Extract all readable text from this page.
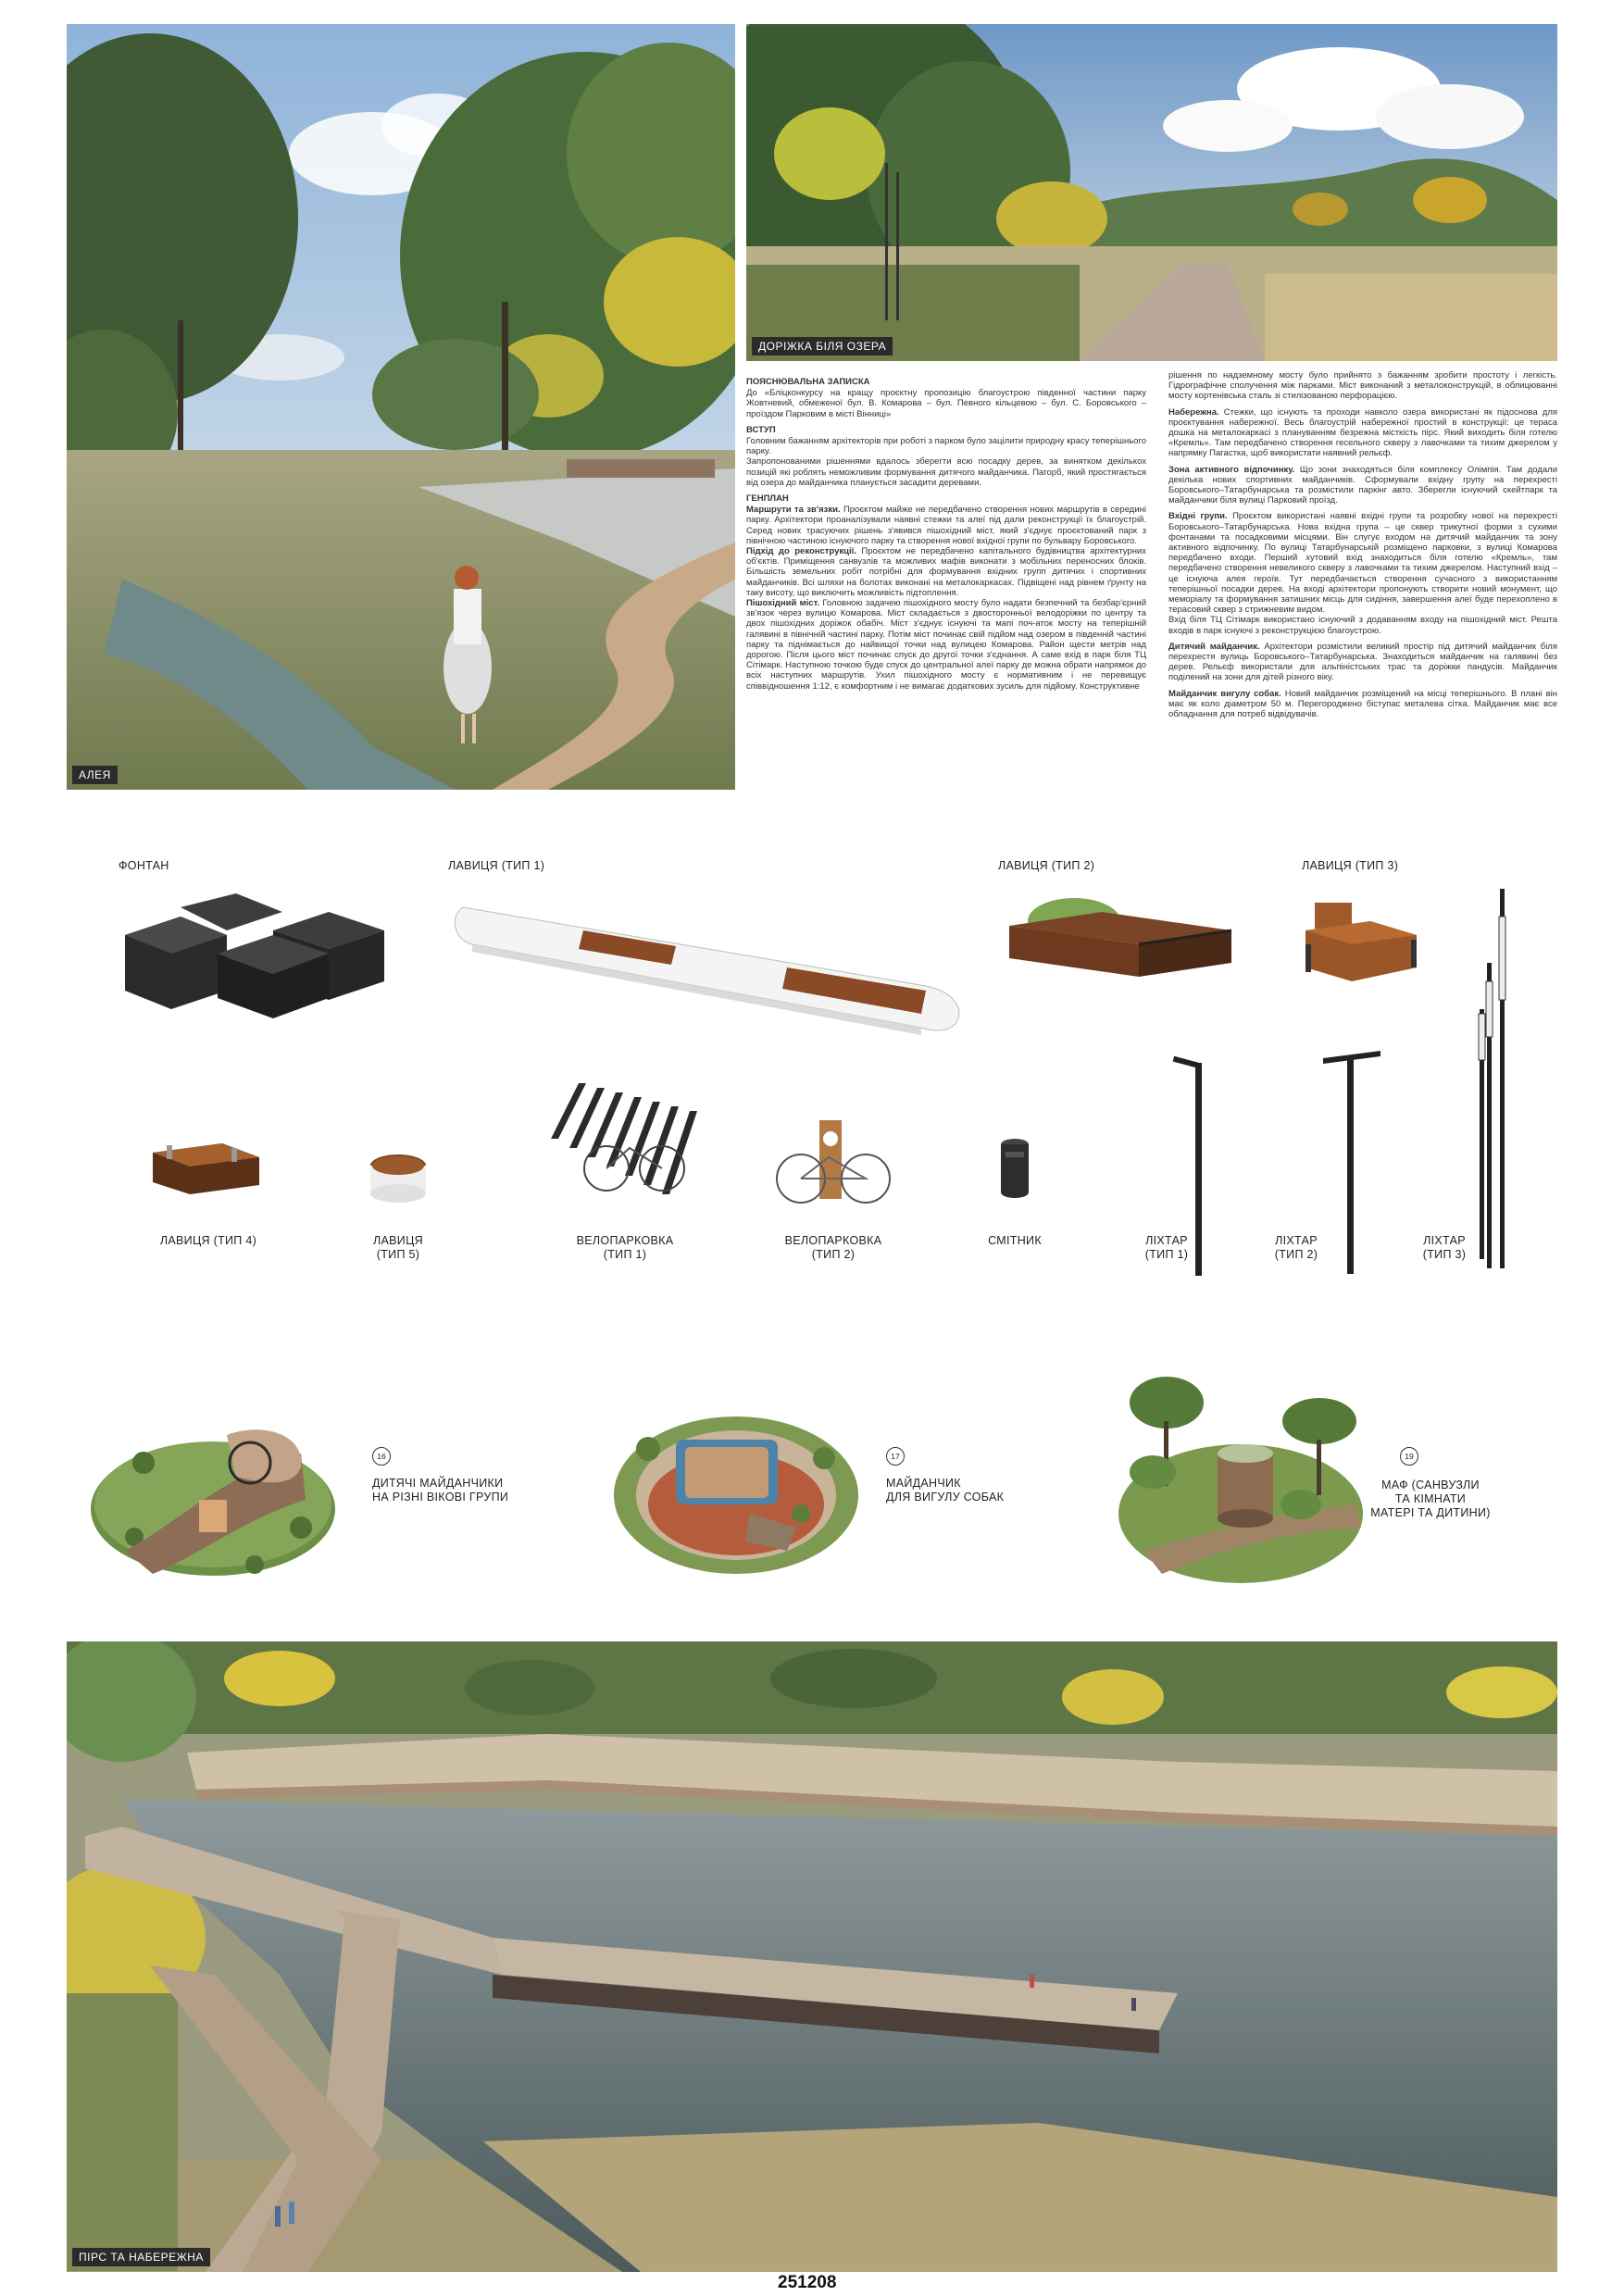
АЛЕЯ
ДОРІЖКА БІЛЯ ОЗЕРА

ПОЯСНЮВАЛЬНА ЗАПИСКА

До «Бліцконкурсу на кращу проєктну пропозицію благоустрою південної частини парку Жовтневий, обмеженої бул. В. Комарова – бул. Певного кільцевою – бул. С. Боровського – проїздом Парковим в місті Вінниці»

ВСТУП

Головним бажанням архітекторів при роботі з парком було зацілити природну красу теперішнього парку.

Запропонованими рішеннями вдалось зберегти всю посадку дерев, за винятком декількох позицій які роблять неможливим формування дитячого майданчика. Пагорб, який простягається від озера до майданчика планується засадити деревами.

ГЕНПЛАН

Маршрути та зв'язки. Проєктом майже не передбачено створення нових маршрутів в середині парку. Архітектори проаналізували наявні стежки та алеї під дали реконструкції їх благоустрій. Серед нових трасуючих рішень з'явився пішохідний міст, який з'єднує проєктований парк з північною частиною існуючого парку та створення нової вхідної групи по бульвару Боровського.

Підхід до реконструкції. Проєктом не передбачено капітального будівництва архітектурних об'єктів. Приміщення санвузлів та можливих мафів виконати з мобільних переносних блоків. Більшість земельних робіт потрібні для формування вхідних групп дитячих і спортивних майданчиків. Всі шляхи на болотах виконані на металокаркасах. Підвіщені над рівнем ґрунту на таку висоту, що виключить можливість підтоплення.

Пішохідний міст. Головною задачею пішохідного мосту було надати безпечний та безбар'єрний зв'язок через вулицю Комарова. Міст складається з двосторонньої велодоріжки по центру та двох пішохідних доріжок обабіч. Міст з'єднує існуючі та мапі поч-аток мосту на теперішній галявині в північній частині парку. Потім міст починає свій підйом над озером в південній частині парку та піднімається до найвищої точки над вулицею Комарова. Район щести метрів над дорогою. Після цього міст починає спуск до другої точки з'єднання. А саме вхід в парк біля ТЦ Сітімарк. Наступною точкою буде спуск до центральної алеї парку де можна обрати напрямок до всіх наступних маршрутів. Ухил пішохідного мосту є нормативним і не перевищує співвідношення 1:12, є комфортним і не вимагає додаткових зусиль для підйому. Конструктивне

рішення по надземному мосту було прийнято з бажанням зробити простоту і легкість. Гідрографічне сполучення між парками. Міст виконаний з металоконструкцій, в облицюванні мосту кортенівська сталь зі стилізованою перфорацією.

Набережна. Стежки, що існують та проходи навколо озера використані як підоснова для проєктування набережної. Весь благоустрій набережної простий в конструкції: це тераса дошка на металокаркасі з плануванням безрежна місткість пірс. Який виходить біля готелю «Кремль». Там передбачено створення гесельного скверу з лавочками та тихим джерелом у напрямку Пагастка, щоб використати наявний рельєф.

Зона активного відпочинку. Що зони знаходяться біля комплексу Олімпія. Там додали декілька нових спортивних майданчиків. Сформували вхідну групу на перехресті Боровського–Татарбунарська та розмістили паркінг авто. Зберегли існуючий скейтпарк та майданчики біля вулиці Парковий проїзд.

Вхідні групи. Проєктом використані наявні вхідні групи та розробку нової на перехресті Боровського–Татарбунарська. Нова вхідна група – це сквер трикутної форми з сухими фонтанами та посадковими місцями. Він слугує входом на дитячий майданчик та зону активного відпочинку. По вулиці Татарбунарській розміщено парковки, з вулиці Комарова передбачено входи. Перший хутовий вхід знаходиться біля готелю «Кремль», там передбачено створення невеликого скверу з лавочками та тихим джерелом. Наступний вхід – це існуюча алея героїв. Тут передбачається створення сучасного з використанням теперішньої посадки дерев. На вході архітектори пропонують створити новий монумент, що меморіалу та формування затишних місць для сидіння, завершення алеї буде перехоплено в терасовий сквер з стрижневим видом.

Вхід біля ТЦ Сітімарк використано існуючий з додаванням входу на пішохідний міст. Решта входів в парк існуючі з реконструкцією благоустрою.

Дитячий майданчик. Архітектори розмістили великий простір під дитячий майданчик біля перехрестя вулиць Боровського–Татарбунарська. Знаходиться майданчик на галявині без дерев. Рельєф використали для альпіністських трас та доріжки пандусів. Майданчик поділений на зони для дітей різного віку.

Майданчик вигулу собак. Новий майданчик розміщений на місці теперішнього. В плані він має як коло діаметром 50 м. Перегороджено біступас металева сітка. Майданчик має все обладнання для потреб відвідувачів.

ФОНТАН	ЛАВИЦЯ (ТИП 1)	ЛАВИЦЯ (ТИП 2)	ЛАВИЦЯ (ТИП 3)
ЛАВИЦЯ (ТИП 4)	ЛАВИЦЯ
(ТИП 5)
ВЕЛОПАРКОВКА
(ТИП 1)
ВЕЛОПАРКОВКА
(ТИП 2)
СМІТНИК	ЛІХТАР
(ТИП 1)
ЛІХТАР
(ТИП 2)
ЛІХТАР
(ТИП 3)
16
ДИТЯЧІ МАЙДАНЧИКИ
НА РІЗНІ ВІКОВІ ГРУПИ
17
МАЙДАНЧИК
ДЛЯ ВИГУЛУ СОБАК
19
МАФ (САНВУЗЛИ
ТА КІМНАТИ
МАТЕРІ ТА ДИТИНИ)
ПІРС ТА НАБЕРЕЖНА
251208
